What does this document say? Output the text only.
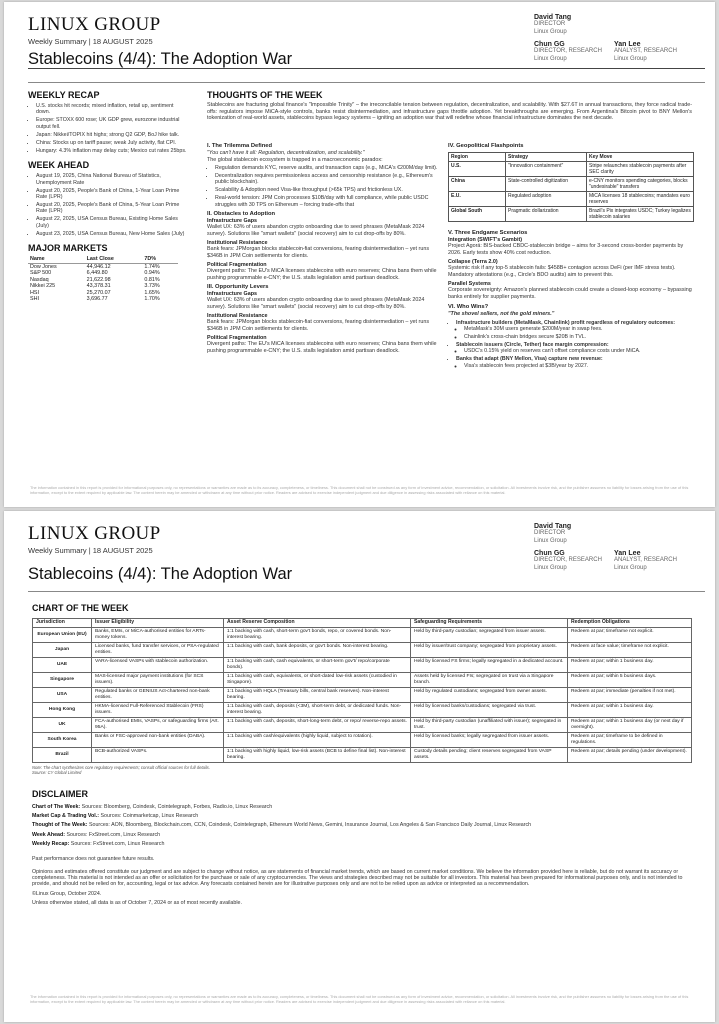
LINUX GROUP
Weekly Summary | 18 AUGUST 2025
David Tang
DIRECTOR
Linux Group
Chun GG
DIRECTOR, RESEARCH
Linux Group
Yan Lee
ANALYST, RESEARCH
Linux Group
Stablecoins (4/4): The Adoption War
WEEKLY RECAP
• U.S. stocks hit records; mixed inflation, retail up, sentiment down.
• Europe: STOXX 600 rose; UK GDP grew, eurozone industrial output fell.
• Japan: Nikkei/TOPIX hit highs; strong Q2 GDP, BoJ hike talk.
• China: Stocks up on tariff pause; weak July activity, flat CPI.
• Hungary: 4.3% inflation may delay cuts; Mexico cut rates 25bps.
WEEK AHEAD
• August 19, 2025, China National Bureau of Statistics, Unemployment Rate
• August 20, 2025, People's Bank of China, 1-Year Loan Prime Rate (LPR)
• August 20, 2025, People's Bank of China, 5-Year Loan Prime Rate (LPR)
• August 22, 2025, USA Census Bureau, Existing Home Sales (July)
• August 23, 2025, USA Census Bureau, New Home Sales (July)
MAJOR MARKETS
Name	Last Close	7D%
Dow Jones	44,946.12	1.74%
S&P 500	6,449.80	0.94%
Nasdaq	21,622.98	0.81%
Nikkei 225	43,378.31	3.73%
HSI	25,270.07	1.65%
SHI	3,696.77	1.70%
THOUGHTS OF THE WEEK
Stablecoins are fracturing global finance's "Impossible Trinity" – the irreconcilable tension between regulation, decentralization, and scalability. With $27.6T in annual transactions, they force radical trade-offs: regulators impose MiCA-style controls, banks resist disintermediation, and infrastructure gaps throttle adoption. Yet breakthroughs are emerging. From Argentina's Bitcoin pivot to BNY Mellon's tokenization of real-world assets, stablecoins bypass legacy systems – igniting an adoption war that will redefine whose financial infrastructure dominates the next decade.
I. The Trilemma Defined
"You can't have it all: Regulation, decentralization, and scalability."
The global stablecoin ecosystem is trapped in a macroeconomic paradox:
• Regulation demands KYC, reserve audits, and transaction caps (e.g., MiCA's €200M/day limit).
• Decentralization requires permissionless access and censorship resistance (e.g., Ethereum's public blockchain).
• Scalability & Adoption need Visa-like throughput (>65k TPS) and frictionless UX.
• Real-world tension: JPM Coin processes $10B/day with full compliance, while public USDC struggles with 30 TPS on Ethereum – forcing trade-offs that
II. Obstacles to Adoption
Infrastructure Gaps
Wallet UX: 63% of users abandon crypto onboarding due to seed phrases (MetaMask 2024 survey). Solutions like "smart wallets" (social recovery) aim to cut drop-offs by 80%.
Institutional Resistance
Bank fears: JPMorgan blocks stablecoin-fiat conversions, fearing disintermediation – yet runs $346B in JPM Coin settlements for clients.
Political Fragmentation
Divergent paths: The EU's MiCA licenses stablecoins with euro reserves; China bans them while pushing programmable e-CNY; the U.S. stalls legislation amid partisan deadlock.
III. Opportunity Levers
Infrastructure Gaps
Wallet UX: 63% of users abandon crypto onboarding due to seed phrases (MetaMask 2024 survey). Solutions like "smart wallets" (social recovery) aim to cut drop-offs by 80%.
Institutional Resistance
Bank fears: JPMorgan blocks stablecoin-fiat conversions, fearing disintermediation – yet runs $346B in JPM Coin settlements for clients.
Political Fragmentation
Divergent paths: The EU's MiCA licenses stablecoins with euro reserves; China bans them while pushing programmable e-CNY; the U.S. stalls legislation amid partisan deadlock.
IV. Geopolitical Flashpoints
Region	Strategy	Key Move
U.S.	"Innovation containment"	Stripe relaunches stablecoin payments after SEC clarity
China	State-controlled digitization	e-CNY monitors spending categories, blocks "undesirable" transfers
E.U.	Regulated adoption	MiCA licenses 18 stablecoins; mandates euro reserves
Global South	Pragmatic dollarization	Brazil's Pix integrates USDC; Turkey legalizes stablecoin salaries
V. Three Endgame Scenarios
Integration (SWIFT's Gambit)
Project Agorá: BIS-backed CBDC-stablecoin bridge – aims for 3-second cross-border payments by 2026. Early tests show 40% cost reduction.
Collapse (Terra 2.0)
Systemic risk if any top-5 stablecoin fails: $458B+ contagion across DeFi (per IMF stress tests). Mandatory attestations (e.g., Circle's BDO audits) aim to prevent this.
Parallel Systems
Corporate sovereignty: Amazon's planned stablecoin could create a closed-loop economy – bypassing banks entirely for supplier payments.
VI. Who Wins?
"The shovel sellers, not the gold miners."
• Infrastructure builders (MetaMask, Chainlink) profit regardless of regulatory outcomes:
◦ MetaMask's 30M users generate $200M/year in swap fees.
◦ Chainlink's cross-chain bridges secure $20B in TVL.
• Stablecoin issuers (Circle, Tether) face margin compression:
◦ USDC's 0.15% yield on reserves can't offset compliance costs under MiCA.
• Banks that adapt (BNY Mellon, Visa) capture new revenue:
◦ Visa's stablecoin fees projected at $3B/year by 2027.
The information contained in this report is provided for informational purposes only, no representations or warranties are made as to its accuracy, completeness, or timeliness. This document shall not be construed as any form of investment advice, recommendation, or solicitation. All investments involve risk, and the publisher assumes no liability for losses arising from the use of this information, except to the extent required by applicable law. The content herein may be amended or withdrawn at any time without prior notice. Readers are advised to exercise independent judgment and due diligence in assessing risks associated with reliance on this material.
LINUX GROUP
Weekly Summary | 18 AUGUST 2025
David Tang
DIRECTOR
Linux Group
Chun GG
DIRECTOR, RESEARCH
Linux Group
Yan Lee
ANALYST, RESEARCH
Linux Group
Stablecoins (4/4): The Adoption War
CHART OF THE WEEK
Jurisdiction	Issuer Eligibility	Asset Reserve Composition	Safeguarding Requirements	Redemption Obligations
European Union (EU)	Banks, EMIs, or MiCA-authorised entities for ARTs-money tokens.	1:1 backing with cash, short-term gov't bonds, repo, or covered bonds. Non-interest bearing.	Held by third-party custodian; segregated from issuer assets.	Redeem at par; timeframe not explicit.
Japan	Licensed banks, fund transfer services, or PSA-regulated entities.	1:1 backing with cash, bank deposits, or gov't bonds. Non-interest bearing.	Held by issuer/trust company; segregated from proprietary assets.	Redeem at face value; timeframe not explicit.
UAE	VARA-licensed VASPs with stablecoin authorization.	1:1 backing with cash, cash equivalents, or short-term gov't/ repo/corporate bonds).	Held by licensed FS firms; legally segregated in a dedicated account.	Redeem at par; within 1 business day.
Singapore	MAS-licensed major payment institutions (for SCS issuers).	1:1 backing with cash, equivalents, or short-dated low-risk assets (custodied in Singapore).	Assets held by licensed FIs; segregated on trust via a Singapore branch.	Redeem at par; within 5 business days.
USA	Regulated banks or GENIUS Act-chartered non-bank entities.	1:1 backing with HQLA (Treasury bills, central bank reserves). Non-interest bearing.	Held by regulated custodians; segregated from owner assets.	Redeem at par; immediate (penalties if not met).
Hong Kong	HKMA-licensed Full-Referenced Stablecoin (FRS) issuers.	1:1 backing with cash, deposits (<3M), short-term debt, or dedicated funds. Non-interest bearing.	Held by licensed banks/custodians; segregated via trust.	Redeem at par; within 1 business day.
UK	FCA-authorised EMIs, VASPs, or safeguarding firms (Art. 95A).	1:1 backing with cash, deposits, short-long-term debt, or repo/ reverse-repo assets.	Held by third-party custodian (unaffiliated with issuer); segregated in trust.	Redeem at par; within 1 business day (or next day if overnight).
South Korea	Banks or FSC-approved non-bank entities (DABA).	1:1 backing with cash/equivalents (highly liquid, subject to rotation).	Held by licensed banks; legally segregated from issuer assets.	Redeem at par; timeframe to be defined in regulations.
Brazil	BCB-authorized VASPs.	1:1 backing with highly liquid, low-risk assets (BCB to define final list). Non-interest bearing.	Custody details pending; client reserves segregated from VASP assets.	Redeem at par; details pending (under development).
Note: The chart synthesizes core regulatory requirements; consult official sources for full details.
Source: CY Global Limited
DISCLAIMER

Chart of The Week: Sources: Bloomberg, Coindesk, Cointelegraph, Forbes, Radio.io, Linux Research

Market Cap & Trading Vol.: Sources: Coinmarketcap, Linux Research

Thought of The Week: Sources: AON, Bloomberg, Blockchain.com, CCN, Coindesk, Cointelegraph, Ethereum World News, Gemini, Insurance Journal, Los Angeles & San Francisco Daily Journal, Linux Research

Week Ahead: Sources: FxStreet.com, Linux Research

Weekly Recap: Sources: FxStreet.com, Linux Research

Past performance does not guarantee future results.

Opinions and estimates offered constitute our judgment and are subject to change without notice, as are statements of financial market trends, which are based on current market conditions. We believe the information provided here is reliable, but do not warrant its accuracy or completeness. This material is not intended as an offer or solicitation for the purchase or sale of any cryptocurrencies. The views and strategies described may not be suitable for all investors. This material has been prepared for informational purposes only, and is not intended to provide, and should not be relied on for, accounting, legal or tax advice. Any forecasts contained herein are for illustrative purposes only and are not to be relied upon as advice or interpreted as a recommendation.

©Linux Group, October 2024.

Unless otherwise stated, all data is as of October 7, 2024 or as of most recently available.

The information contained in this report is provided for informational purposes only, no representations or warranties are made as to its accuracy, completeness, or timeliness. This document shall not be construed as any form of investment advice, recommendation, or solicitation. All investments involve risk, and the publisher assumes no liability for losses arising from the use of this information, except to the extent required by applicable law. The content herein may be amended or withdrawn at any time without prior notice. Readers are advised to exercise independent judgment and due diligence in assessing risks associated with reliance on this material.
